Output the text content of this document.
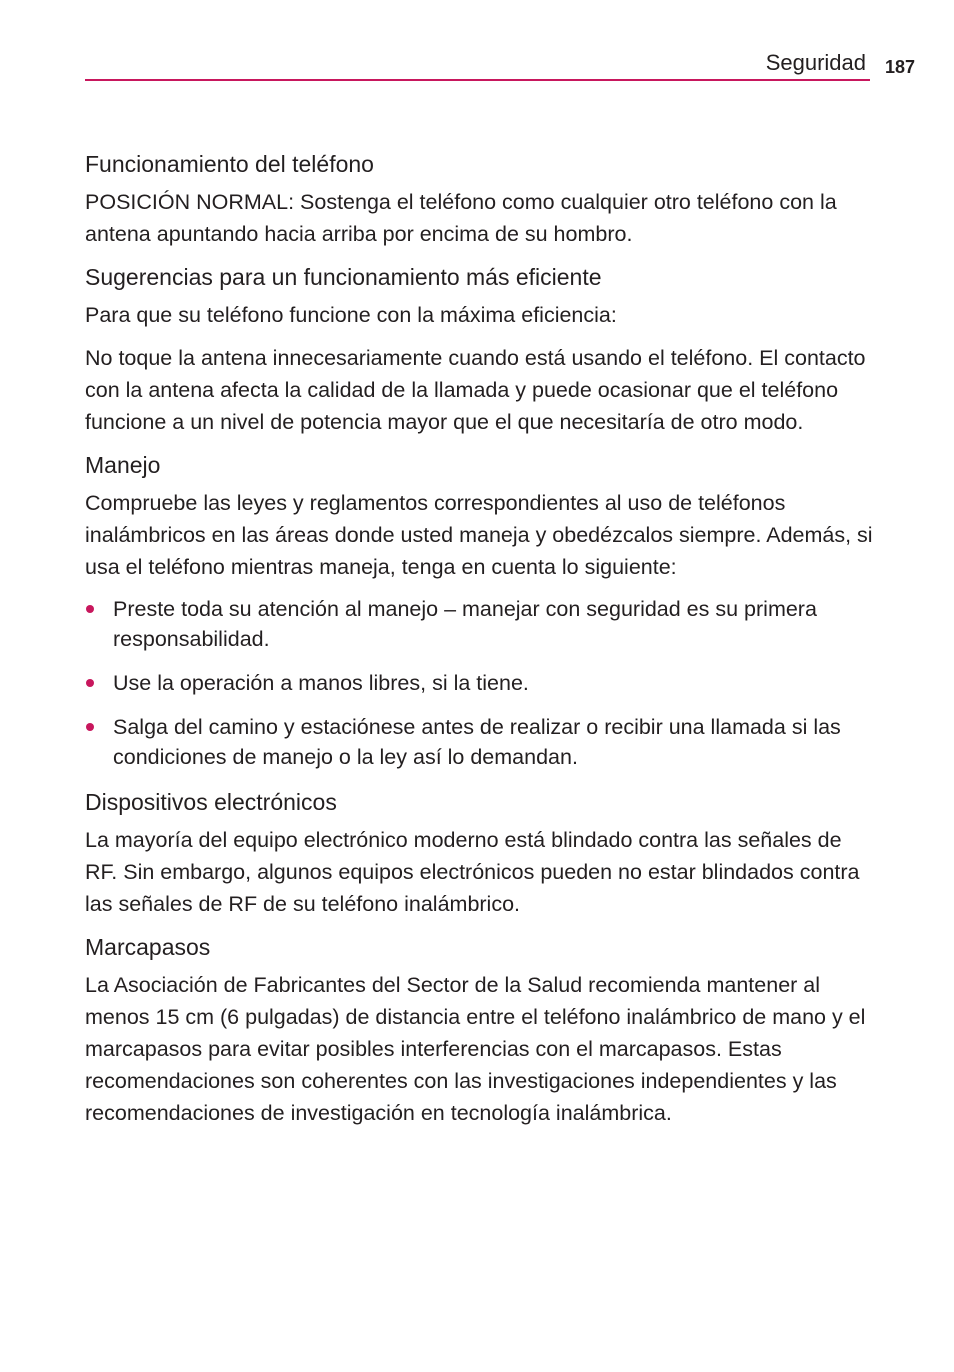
Seguridad 187
Funcionamiento del teléfono

POSICIÓN NORMAL: Sostenga el teléfono como cualquier otro teléfono con la antena apuntando hacia arriba por encima de su hombro.

Sugerencias para un funcionamiento más eficiente

Para que su teléfono funcione con la máxima eficiencia:

No toque la antena innecesariamente cuando está usando el teléfono. El contacto con la antena afecta la calidad de la llamada y puede ocasionar que el teléfono funcione a un nivel de potencia mayor que el que necesitaría de otro modo.

Manejo

Compruebe las leyes y reglamentos correspondientes al uso de teléfonos inalámbricos en las áreas donde usted maneja y obedézcalos siempre. Además, si usa el teléfono mientras maneja, tenga en cuenta lo siguiente:

Preste toda su atención al manejo – manejar con seguridad es su primera responsabilidad.
Use la operación a manos libres, si la tiene.
Salga del camino y estaciónese antes de realizar o recibir una llamada si las condiciones de manejo o la ley así lo demandan.
Dispositivos electrónicos

La mayoría del equipo electrónico moderno está blindado contra las señales de RF. Sin embargo, algunos equipos electrónicos pueden no estar blindados contra las señales de RF de su teléfono inalámbrico.

Marcapasos

La Asociación de Fabricantes del Sector de la Salud recomienda mantener al menos 15 cm (6 pulgadas) de distancia entre el teléfono inalámbrico de mano y el marcapasos para evitar posibles interferencias con el marcapasos. Estas recomendaciones son coherentes con las investigaciones independientes y las recomendaciones de investigación en tecnología inalámbrica.
